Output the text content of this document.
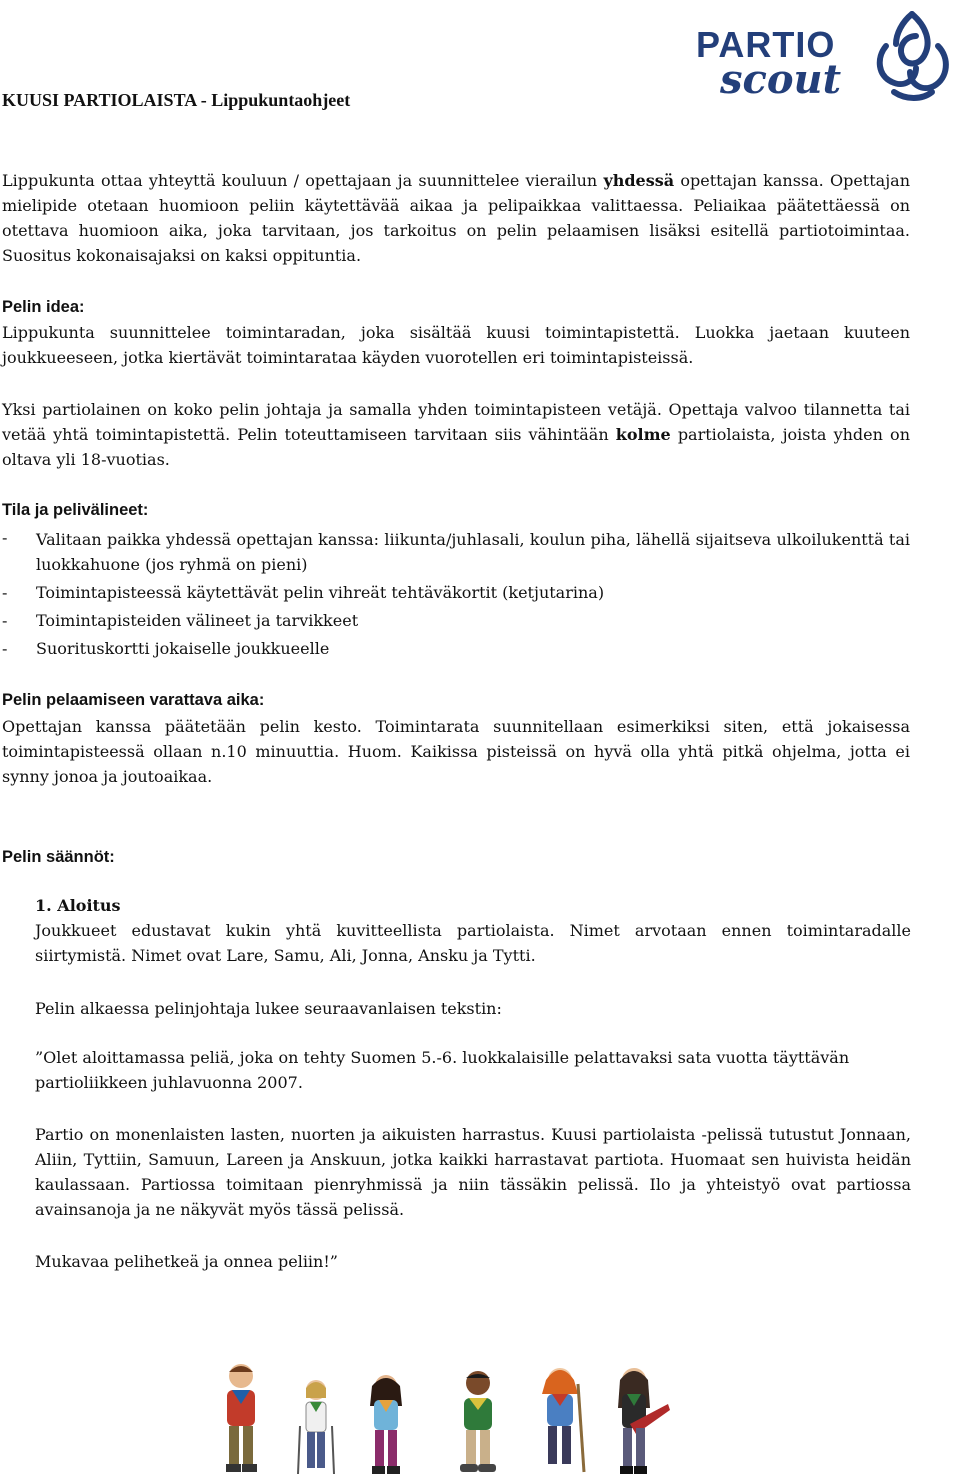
KUUSI PARTIOLAISTA - Lippukuntaohjeet
PARTIO
scout
Lippukunta ottaa yhteyttä kouluun / opettajaan ja suunnittelee vierailun yhdessä opettajan kanssa. Opettajan mielipide otetaan huomioon peliin käytettävää aikaa ja pelipaikkaa valittaessa. Peliaikaa päätettäessä on otettava huomioon aika, joka tarvitaan, jos tarkoitus on pelin pelaamisen lisäksi esitellä partiotoimintaa. Suositus kokonaisajaksi on kaksi oppituntia.
Pelin idea:
Lippukunta suunnittelee toimintaradan, joka sisältää kuusi toimintapistettä. Luokka jaetaan kuuteen joukkueeseen, jotka kiertävät toimintarataa käyden vuorotellen eri toimintapisteissä.
Yksi partiolainen on koko pelin johtaja ja samalla yhden toimintapisteen vetäjä. Opettaja valvoo tilannetta tai vetää yhtä toimintapistettä. Pelin toteuttamiseen tarvitaan siis vähintään kolme partiolaista, joista yhden on oltava yli 18-vuotias.
Tila ja pelivälineet:
- Valitaan paikka yhdessä opettajan kanssa: liikunta/juhlasali, koulun piha, lähellä sijaitseva ulkoilukenttä tai luokkahuone (jos ryhmä on pieni)
- Toimintapisteessä käytettävät pelin vihreät tehtäväkortit (ketjutarina)
- Toimintapisteiden välineet ja tarvikkeet
- Suorituskortti jokaiselle joukkueelle
Pelin pelaamiseen varattava aika:
Opettajan kanssa päätetään pelin kesto. Toimintarata suunnitellaan esimerkiksi siten, että jokaisessa toimintapisteessä ollaan n.10 minuuttia. Huom. Kaikissa pisteissä on hyvä olla yhtä pitkä ohjelma, jotta ei synny jonoa ja joutoaikaa.
Pelin säännöt:
1. Aloitus
Joukkueet edustavat kukin yhtä kuvitteellista partiolaista. Nimet arvotaan ennen toimintaradalle siirtymistä. Nimet ovat Lare, Samu, Ali, Jonna, Ansku ja Tytti.
Pelin alkaessa pelinjohtaja lukee seuraavanlaisen tekstin:
”Olet aloittamassa peliä, joka on tehty Suomen 5.-6. luokkalaisille pelattavaksi sata vuotta täyttävän partioliikkeen juhlavuonna 2007.
Partio on monenlaisten lasten, nuorten ja aikuisten harrastus. Kuusi partiolaista -pelissä tutustut Jonnaan, Aliin, Tyttiin, Samuun, Lareen ja Anskuun, jotka kaikki harrastavat partiota. Huomaat sen huivista heidän kaulassaan. Partiossa toimitaan pienryhmissä ja niin tässäkin pelissä. Ilo ja yhteistyö ovat partiossa avainsanoja ja ne näkyvät myös tässä pelissä.
Mukavaa pelihetkeä ja onnea peliin!”
